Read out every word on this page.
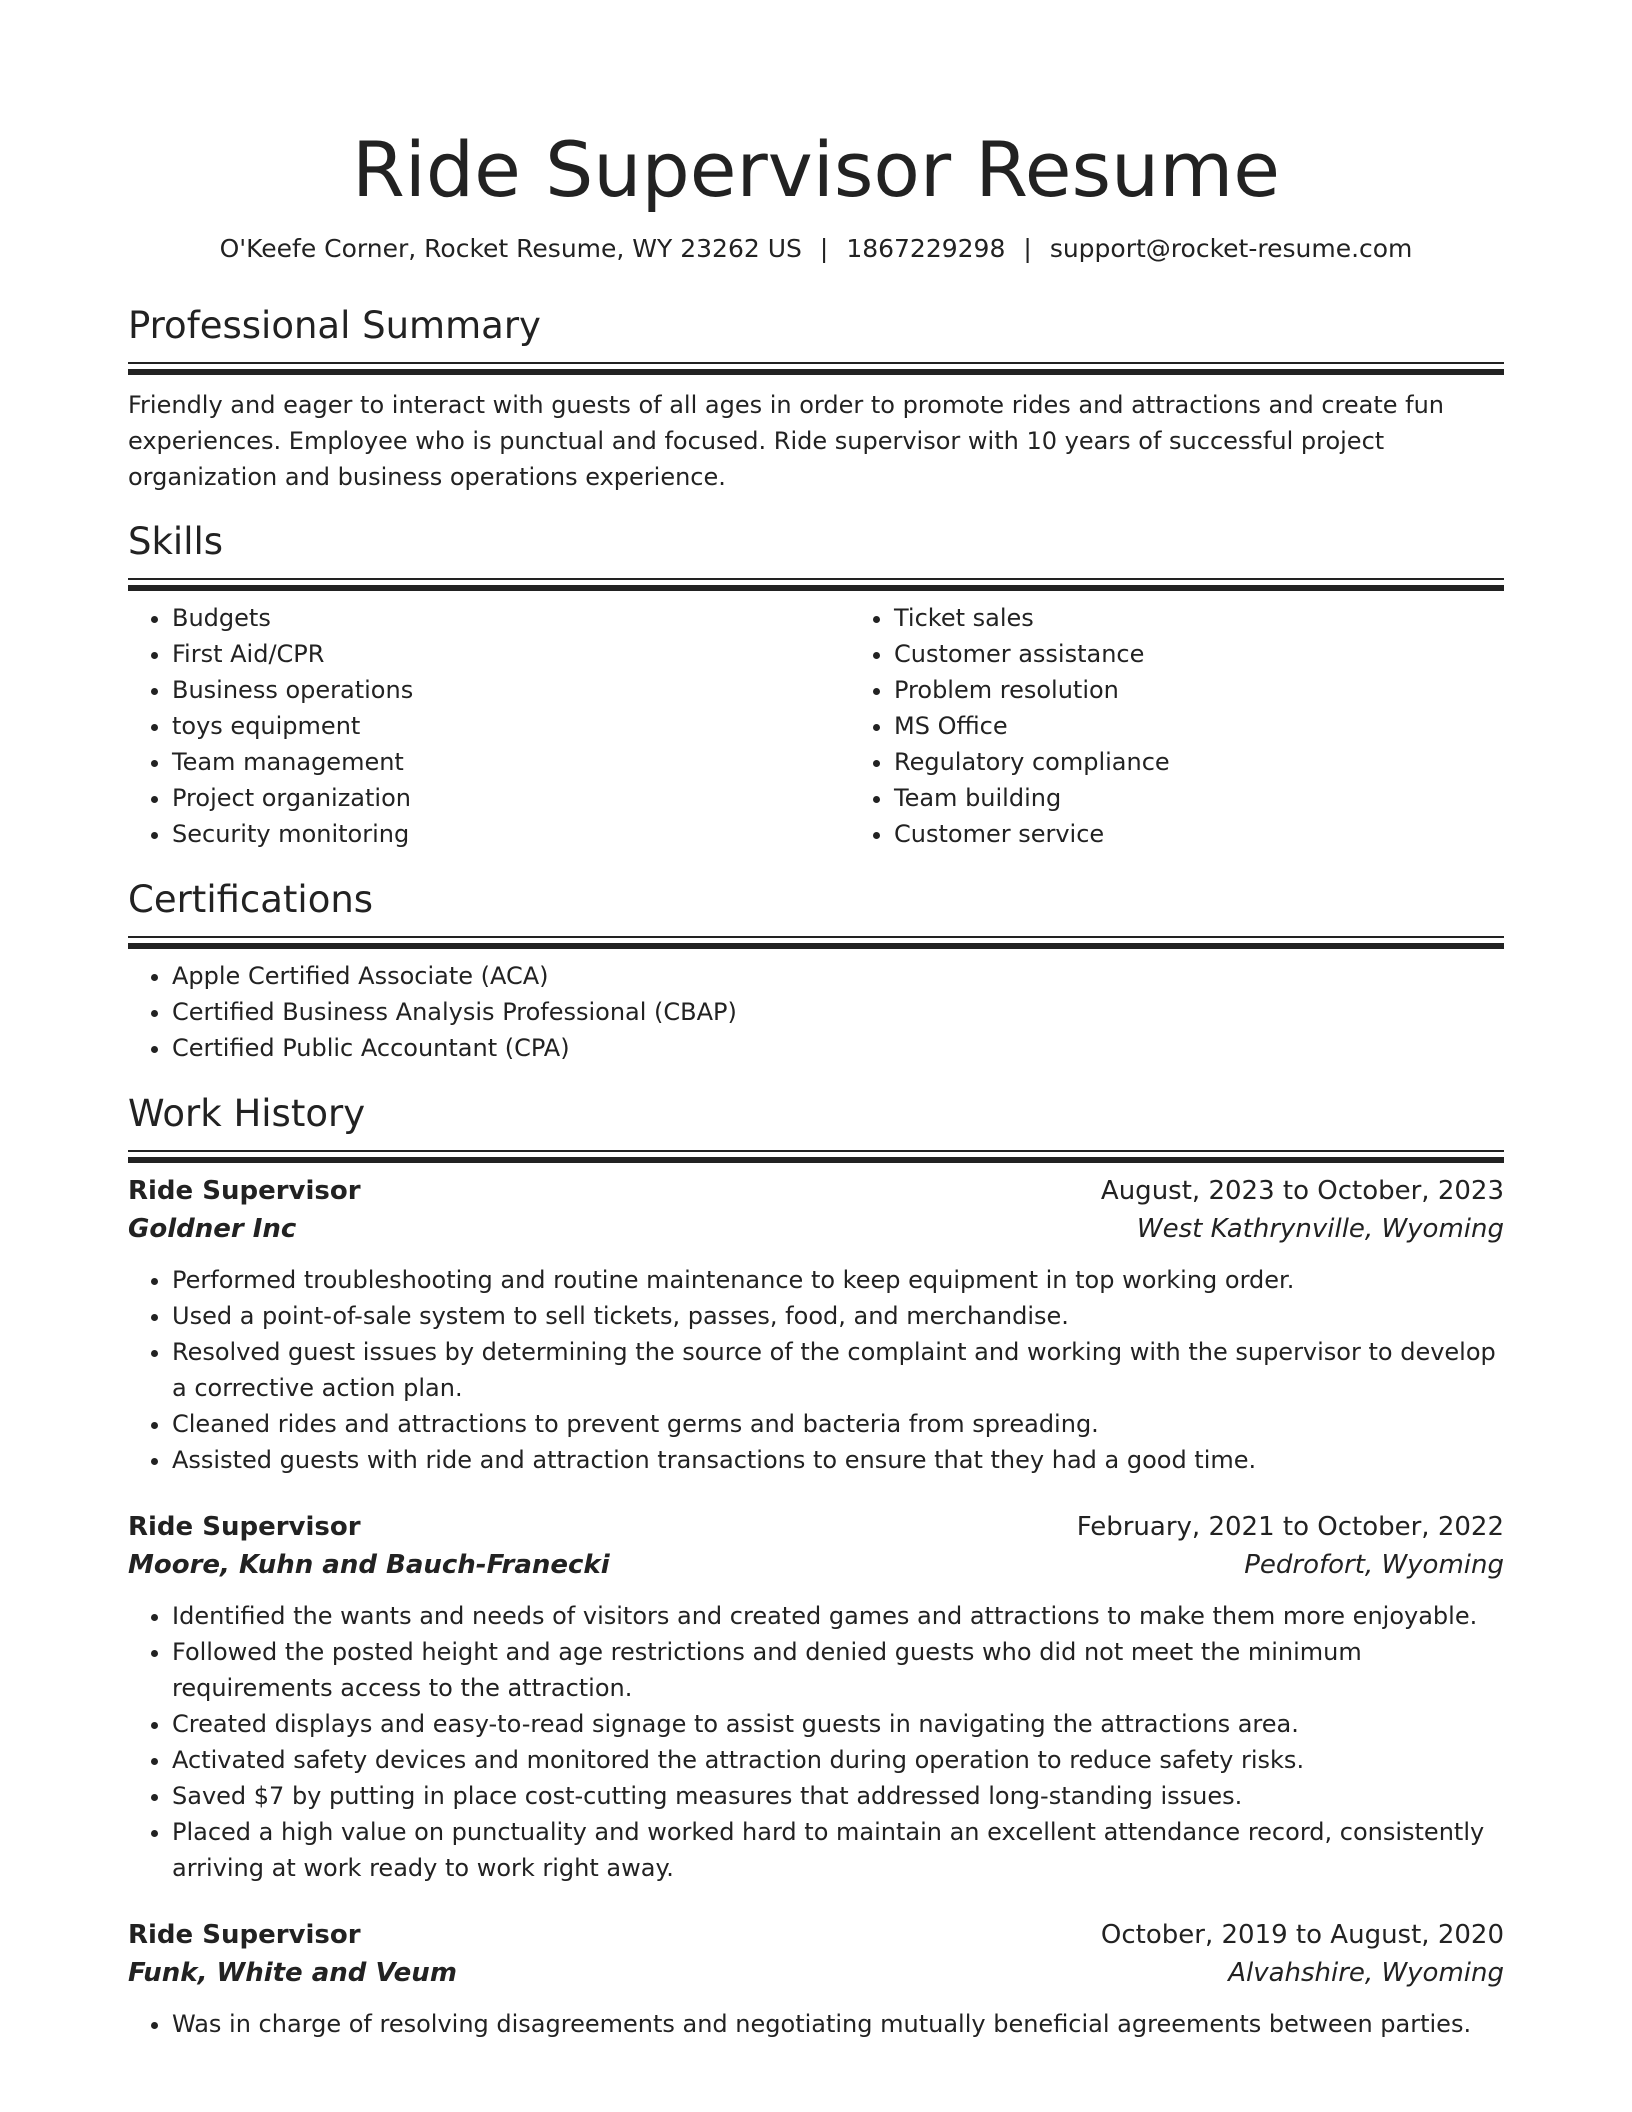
Ride Supervisor Resume
O'Keefe Corner, Rocket Resume, WY 23262 US | 1867229298 | support@rocket-resume.com
Professional Summary
Friendly and eager to interact with guests of all ages in order to promote rides and attractions and create fun experiences. Employee who is punctual and focused. Ride supervisor with 10 years of successful project organization and business operations experience.
Skills
• Budgets
• First Aid/CPR
• Business operations
• toys equipment
• Team management
• Project organization
• Security monitoring
• Ticket sales
• Customer assistance
• Problem resolution
• MS Office
• Regulatory compliance
• Team building
• Customer service
Certifications
• Apple Certified Associate (ACA)
• Certified Business Analysis Professional (CBAP)
• Certified Public Accountant (CPA)
Work History
Ride Supervisor	August, 2023 to October, 2023
Goldner Inc	West Kathrynville, Wyoming
• Performed troubleshooting and routine maintenance to keep equipment in top working order.
• Used a point-of-sale system to sell tickets, passes, food, and merchandise.
• Resolved guest issues by determining the source of the complaint and working with the supervisor to develop a corrective action plan.
• Cleaned rides and attractions to prevent germs and bacteria from spreading.
• Assisted guests with ride and attraction transactions to ensure that they had a good time.
Ride Supervisor	February, 2021 to October, 2022
Moore, Kuhn and Bauch-Franecki	Pedrofort, Wyoming
• Identified the wants and needs of visitors and created games and attractions to make them more enjoyable.
• Followed the posted height and age restrictions and denied guests who did not meet the minimum requirements access to the attraction.
• Created displays and easy-to-read signage to assist guests in navigating the attractions area.
• Activated safety devices and monitored the attraction during operation to reduce safety risks.
• Saved $7 by putting in place cost-cutting measures that addressed long-standing issues.
• Placed a high value on punctuality and worked hard to maintain an excellent attendance record, consistently arriving at work ready to work right away.
Ride Supervisor	October, 2019 to August, 2020
Funk, White and Veum	Alvahshire, Wyoming
• Was in charge of resolving disagreements and negotiating mutually beneficial agreements between parties.
